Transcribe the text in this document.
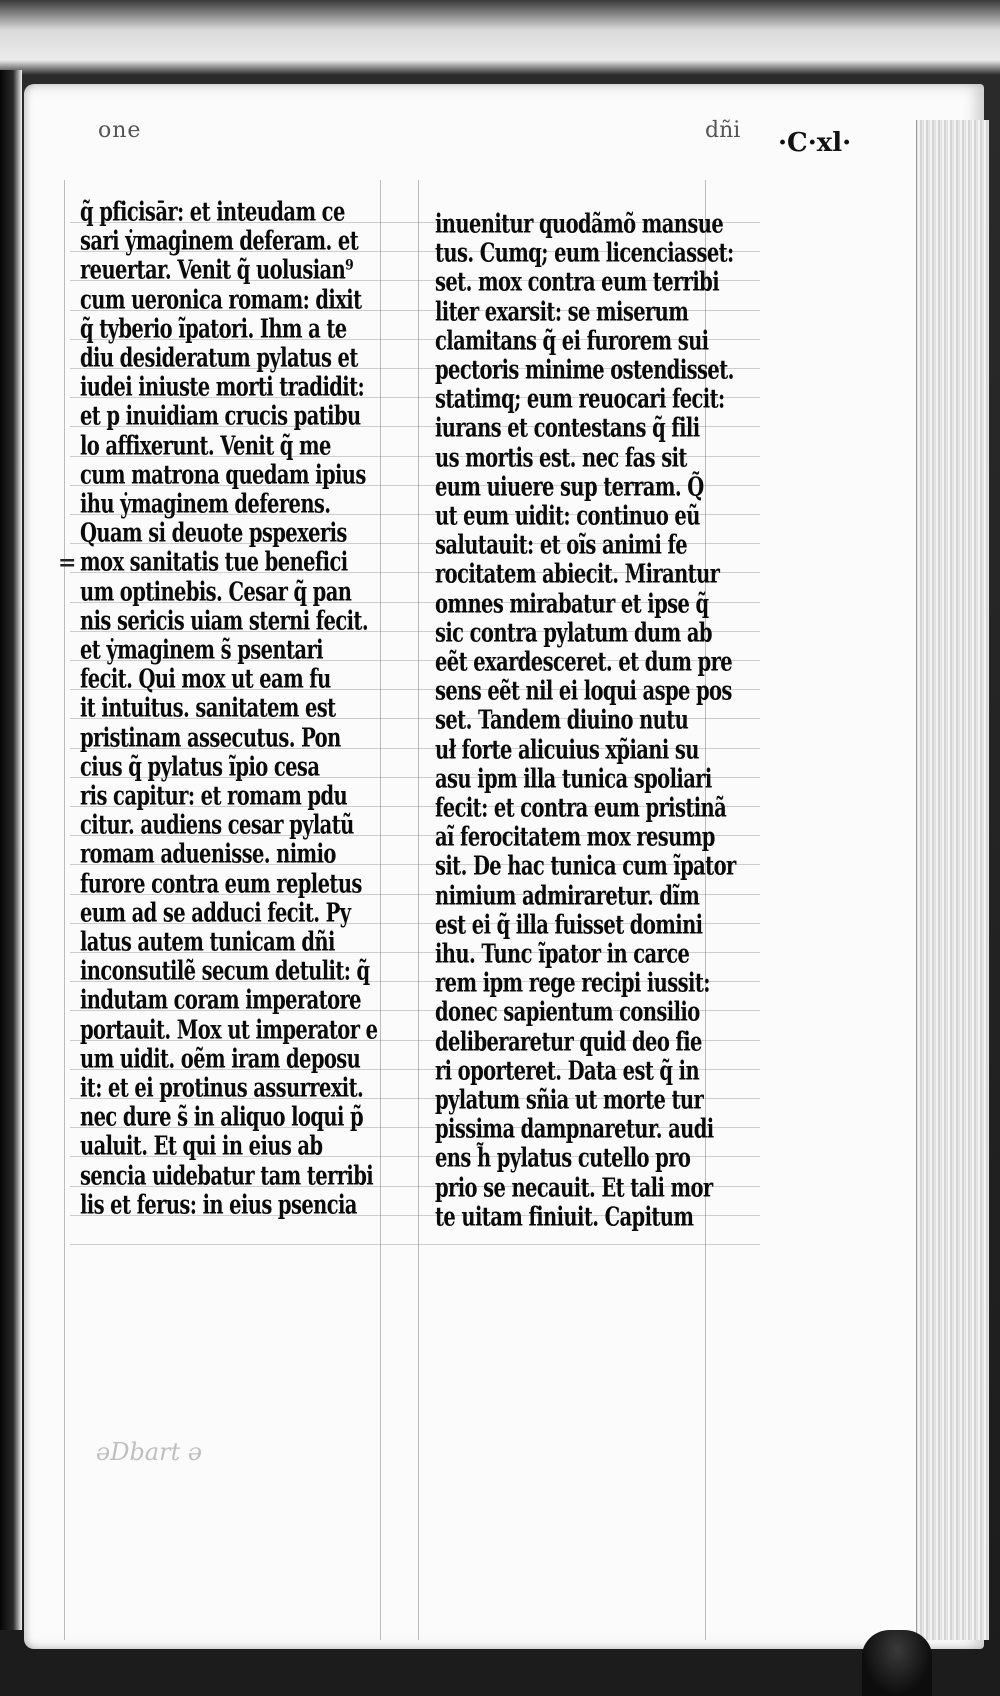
one	dñi ·C·xl·
=
q̃ pficisār: et inteudam ce
sari ẏmaginem deferam. et
reuertar. Venit q̃ uolusian⁹
cum ueronica romam: dixit
q̃ tyberio ĩpatori. Ihm a te
diu desideratum pylatus et
iudei iniuste morti tradidit:
et p inuidiam crucis patibu
lo affixerunt. Venit q̃ me
cum matrona quedam ipius
ihu ẏmaginem deferens.
Quam si deuote pspexeris
mox sanitatis tue benefici
um optinebis. Cesar q̃ pan
nis sericis uiam sterni fecit.
et ẏmaginem s̃ psentari
fecit. Qui mox ut eam fu
it intuitus. sanitatem est
pristinam assecutus. Pon
cius q̃ pylatus ĩpio cesa
ris capitur: et romam pdu
citur. audiens cesar pylatũ
romam aduenisse. nimio
furore contra eum repletus
eum ad se adduci fecit. Py
latus autem tunicam dñi
inconsutilẽ secum detulit: q̃
indutam coram imperatore
portauit. Mox ut imperator e
um uidit. oẽm iram deposu
it: et ei protinus assurrexit.
nec dure s̃ in aliquo loqui p̃
ualuit. Et qui in eius ab
sencia uidebatur tam terribi
lis et ferus: in eius psencia
inuenitur quodãmõ mansue
tus. Cumq; eum licenciasset:
set. mox contra eum terribi
liter exarsit: se miserum
clamitans q̃ ei furorem sui
pectoris minime ostendisset.
statimq; eum reuocari fecit:
iurans et contestans q̃ fili
us mortis est. nec fas sit
eum uiuere sup terram. Q̃
ut eum uidit: continuo eũ
salutauit: et oĩs animi fe
rocitatem abiecit. Mirantur
omnes mirabatur et ipse q̃
sic contra pylatum dum ab
eẽt exardesceret. et dum pre
sens eẽt nil ei loqui aspe pos
set. Tandem diuino nutu
uł forte alicuius xp̃iani su
asu ipm illa tunica spoliari
fecit: et contra eum pristinã
aĩ ferocitatem mox resump
sit. De hac tunica cum ĩpator
nimium admiraretur. dĩm
est ei q̃ illa fuisset domini
ihu. Tunc ĩpator in carce
rem ipm rege recipi iussit:
donec sapientum consilio
deliberaretur quid deo fie
ri oporteret. Data est q̃ in
pylatum sñia ut morte tur
pissima dampnaretur. audi
ens h̃ pylatus cutello pro
prio se necauit. Et tali mor
te uitam finiuit. Capitum
ǝDbart ǝ
